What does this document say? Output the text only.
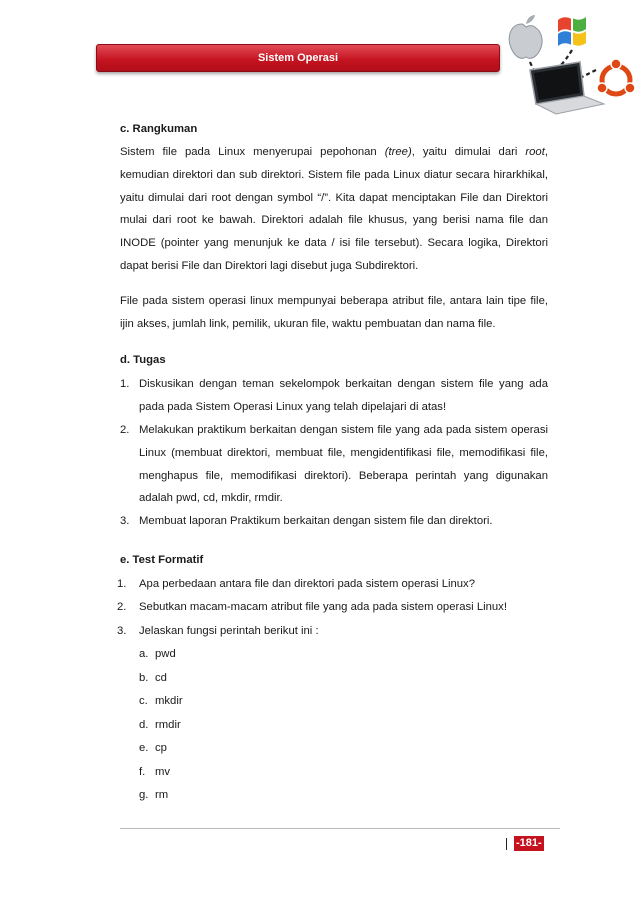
Sistem Operasi

c. Rangkuman

Sistem file pada Linux menyerupai pepohonan (tree), yaitu dimulai dari root, kemudian direktori dan sub direktori. Sistem file pada Linux diatur secara hirarkhikal, yaitu dimulai dari root dengan symbol “/”. Kita dapat menciptakan File dan Direktori mulai dari root ke bawah. Direktori adalah file khusus, yang berisi nama file dan INODE (pointer yang menunjuk ke data / isi file tersebut). Secara logika, Direktori dapat berisi File dan Direktori lagi disebut juga Subdirektori.

File pada sistem operasi linux mempunyai beberapa atribut file, antara lain tipe file, ijin akses, jumlah link, pemilik, ukuran file, waktu pembuatan dan nama file.

d. Tugas

1. Diskusikan dengan teman sekelompok berkaitan dengan sistem file yang ada pada pada Sistem Operasi Linux yang telah dipelajari di atas!
2. Melakukan praktikum berkaitan dengan sistem file yang ada pada sistem operasi Linux (membuat direktori, membuat file, mengidentifikasi file, memodifikasi file, menghapus file, memodifikasi direktori). Beberapa perintah yang digunakan adalah pwd, cd, mkdir, rmdir.
3. Membuat laporan Praktikum berkaitan dengan sistem file dan direktori.

e. Test Formatif

1. Apa perbedaan antara file dan direktori pada sistem operasi Linux?
2. Sebutkan macam-macam atribut file yang ada pada sistem operasi Linux!
3. Jelaskan fungsi perintah berikut ini :
a. pwd
b. cd
c. mkdir
d. rmdir
e. cp
f. mv
g. rm
-181-
